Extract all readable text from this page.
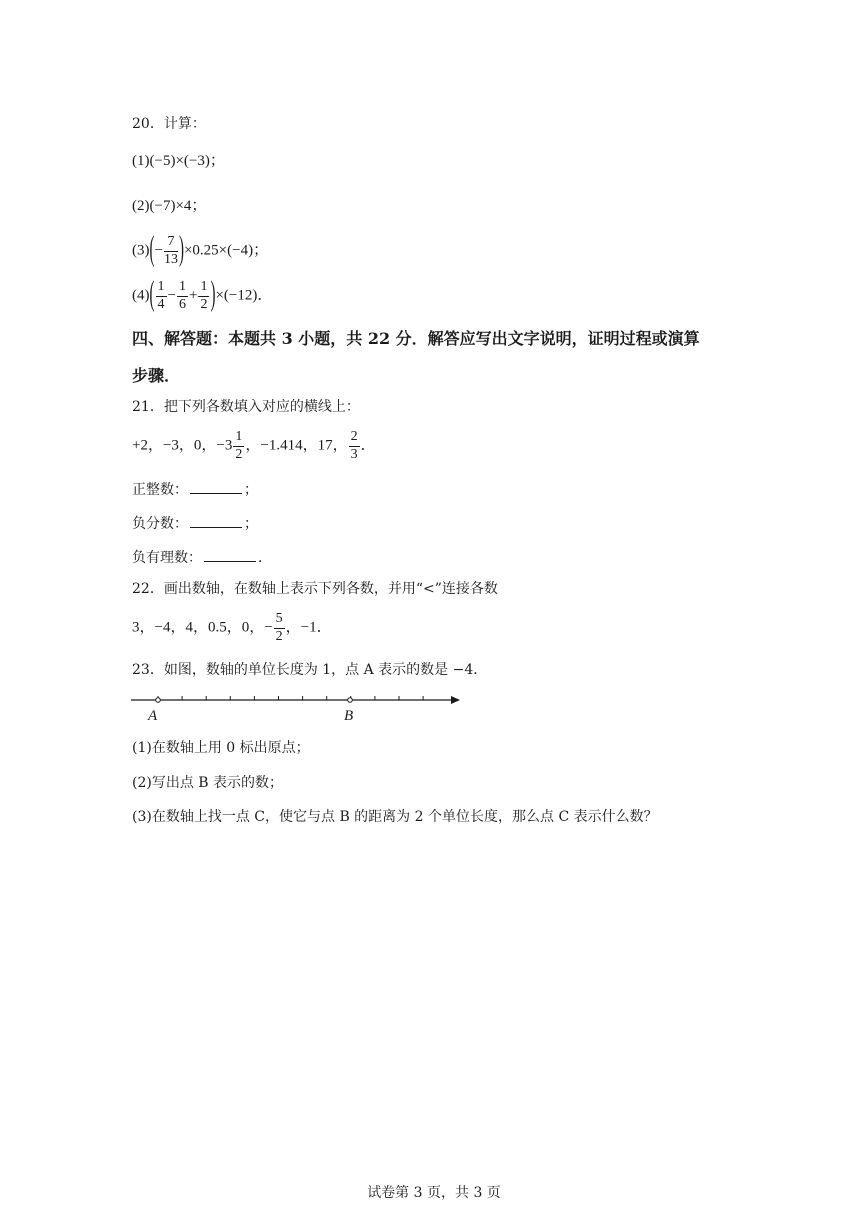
20．计算：
(1)(−5)×(−3)；
(2)(−7)×4；
$(3)(- \frac{7}{13} )\times 0.25\times(-4)$；
$(4)( \frac{1}{4} - \frac{1}{6} + \frac{1}{2} )\times(-12)$．
四、解答题：本题共 3 小题，共 22 分．解答应写出文字说明，证明过程或演算
步骤．
21．把下列各数填入对应的横线上：
+2，−3，0，$-3 \frac{1}{2}$ ，−1.414，17， $\frac{2}{3}$ ．
正整数：	；
负分数：	；
负有理数：	．
22．画出数轴，在数轴上表示下列各数，并用“<”连接各数
3，−4，4，0.5，0，− $\frac{5}{2}$ ，−1．
23．如图，数轴的单位长度为 1，点 A 表示的数是 −4．
A	B
(1)在数轴上用 0 标出原点；
(2)写出点 B 表示的数；
(3)在数轴上找一点 C，使它与点 B 的距离为 2 个单位长度，那么点 C 表示什么数？
试卷第 3 页，共 3 页
